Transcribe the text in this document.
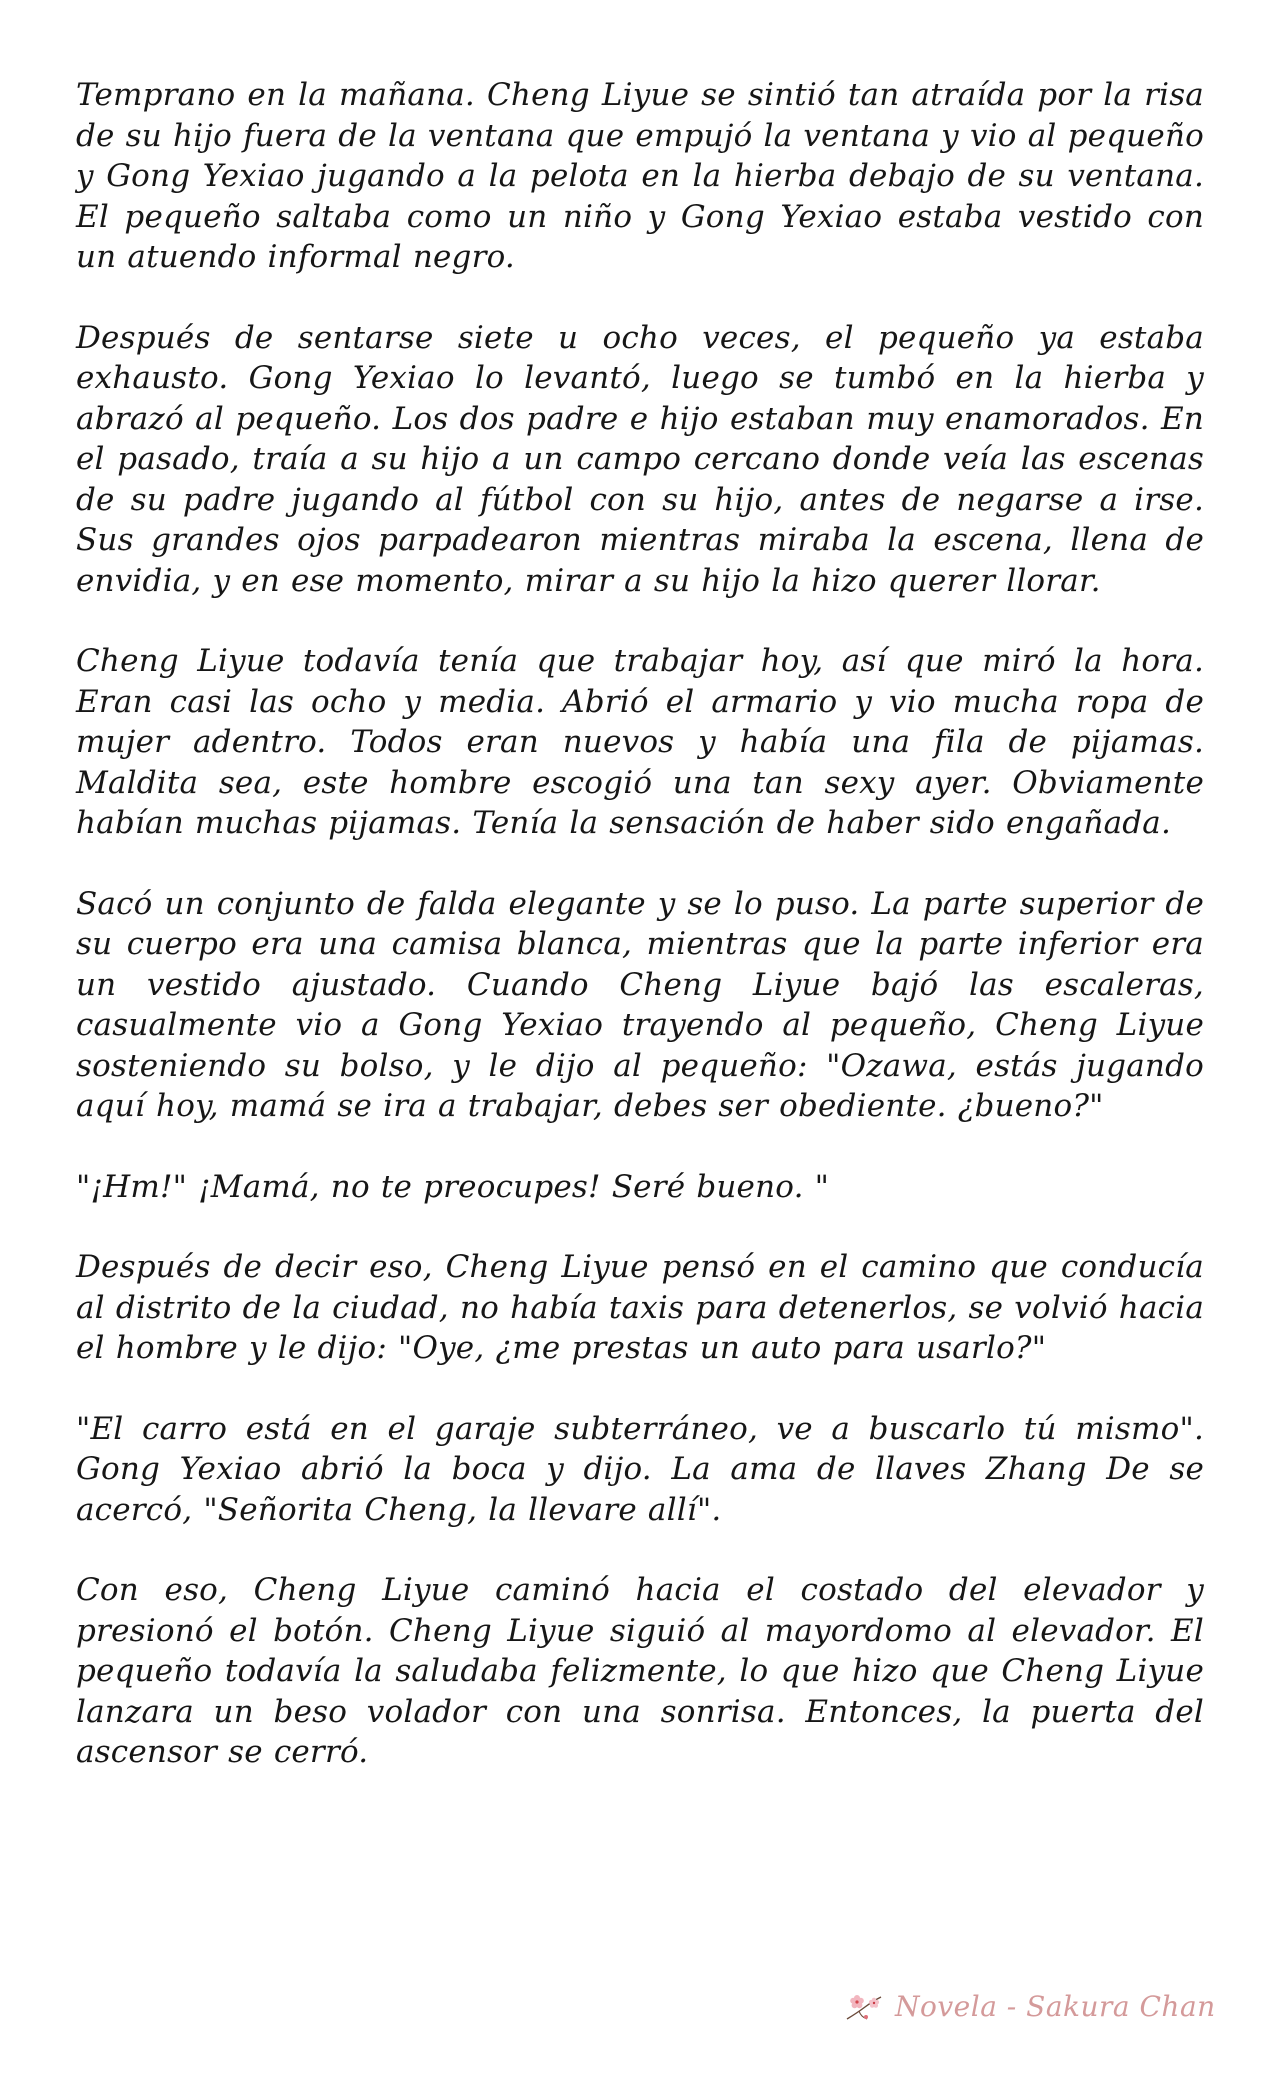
Temprano en la mañana. Cheng Liyue se sintió tan atraída por la risa de su hijo fuera de la ventana que empujó la ventana y vio al pequeño y Gong Yexiao jugando a la pelota en la hierba debajo de su ventana. El pequeño saltaba como un niño y Gong Yexiao estaba vestido con un atuendo informal negro.

Después de sentarse siete u ocho veces, el pequeño ya estaba exhausto. Gong Yexiao lo levantó, luego se tumbó en la hierba y abrazó al pequeño. Los dos padre e hijo estaban muy enamorados. En el pasado, traía a su hijo a un campo cercano donde veía las escenas de su padre jugando al fútbol con su hijo, antes de negarse a irse. Sus grandes ojos parpadearon mientras miraba la escena, llena de envidia, y en ese momento, mirar a su hijo la hizo querer llorar.

Cheng Liyue todavía tenía que trabajar hoy, así que miró la hora. Eran casi las ocho y media. Abrió el armario y vio mucha ropa de mujer adentro. Todos eran nuevos y había una fila de pijamas. Maldita sea, este hombre escogió una tan sexy ayer. Obviamente habían muchas pijamas. Tenía la sensación de haber sido engañada.

Sacó un conjunto de falda elegante y se lo puso. La parte superior de su cuerpo era una camisa blanca, mientras que la parte inferior era un vestido ajustado. Cuando Cheng Liyue bajó las escaleras, casualmente vio a Gong Yexiao trayendo al pequeño, Cheng Liyue sosteniendo su bolso, y le dijo al pequeño: "Ozawa, estás jugando aquí hoy, mamá se ira a trabajar, debes ser obediente. ¿bueno?"

"¡Hm!" ¡Mamá, no te preocupes! Seré bueno. "

Después de decir eso, Cheng Liyue pensó en el camino que conducía al distrito de la ciudad, no había taxis para detenerlos, se volvió hacia el hombre y le dijo: "Oye, ¿me prestas un auto para usarlo?"

"El carro está en el garaje subterráneo, ve a buscarlo tú mismo". Gong Yexiao abrió la boca y dijo. La ama de llaves Zhang De se acercó, "Señorita Cheng, la llevare allí".

Con eso, Cheng Liyue caminó hacia el costado del elevador y presionó el botón. Cheng Liyue siguió al mayordomo al elevador. El pequeño todavía la saludaba felizmente, lo que hizo que Cheng Liyue lanzara un beso volador con una sonrisa. Entonces, la puerta del ascensor se cerró.

Novela - Sakura Chan
